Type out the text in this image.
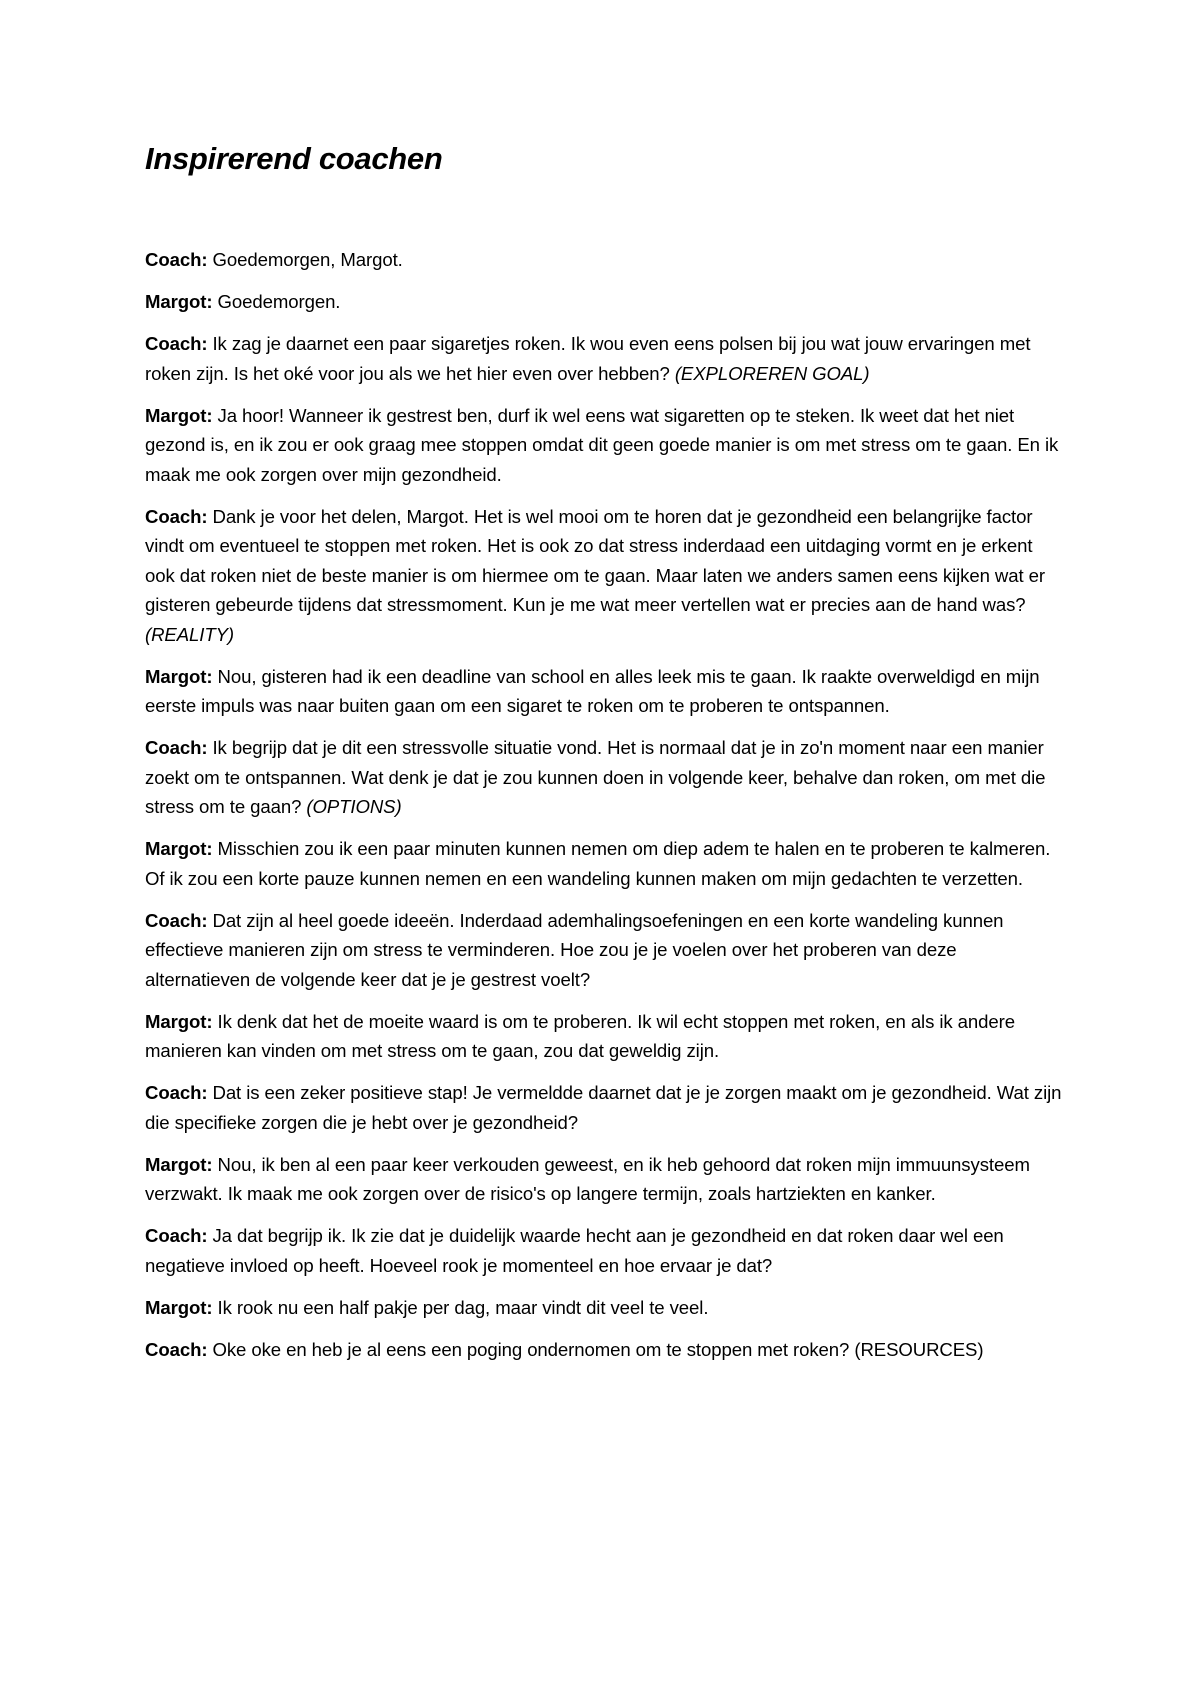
Inspirerend coachen

Coach: Goedemorgen, Margot.

Margot: Goedemorgen.

Coach: Ik zag je daarnet een paar sigaretjes roken. Ik wou even eens polsen bij jou wat jouw ervaringen met roken zijn. Is het oké voor jou als we het hier even over hebben? (EXPLOREREN GOAL)

Margot: Ja hoor! Wanneer ik gestrest ben, durf ik wel eens wat sigaretten op te steken. Ik weet dat het niet gezond is, en ik zou er ook graag mee stoppen omdat dit geen goede manier is om met stress om te gaan. En ik maak me ook zorgen over mijn gezondheid.

Coach: Dank je voor het delen, Margot. Het is wel mooi om te horen dat je gezondheid een belangrijke factor vindt om eventueel te stoppen met roken. Het is ook zo dat stress inderdaad een uitdaging vormt en je erkent ook dat roken niet de beste manier is om hiermee om te gaan. Maar laten we anders samen eens kijken wat er gisteren gebeurde tijdens dat stressmoment. Kun je me wat meer vertellen wat er precies aan de hand was? (REALITY)

Margot: Nou, gisteren had ik een deadline van school en alles leek mis te gaan. Ik raakte overweldigd en mijn eerste impuls was naar buiten gaan om een sigaret te roken om te proberen te ontspannen.

Coach: Ik begrijp dat je dit een stressvolle situatie vond. Het is normaal dat je in zo'n moment naar een manier zoekt om te ontspannen. Wat denk je dat je zou kunnen doen in volgende keer, behalve dan roken, om met die stress om te gaan? (OPTIONS)

Margot: Misschien zou ik een paar minuten kunnen nemen om diep adem te halen en te proberen te kalmeren. Of ik zou een korte pauze kunnen nemen en een wandeling kunnen maken om mijn gedachten te verzetten.

Coach: Dat zijn al heel goede ideeën. Inderdaad ademhalingsoefeningen en een korte wandeling kunnen effectieve manieren zijn om stress te verminderen. Hoe zou je je voelen over het proberen van deze alternatieven de volgende keer dat je je gestrest voelt?

Margot: Ik denk dat het de moeite waard is om te proberen. Ik wil echt stoppen met roken, en als ik andere manieren kan vinden om met stress om te gaan, zou dat geweldig zijn.

Coach: Dat is een zeker positieve stap! Je vermeldde daarnet dat je je zorgen maakt om je gezondheid. Wat zijn die specifieke zorgen die je hebt over je gezondheid?

Margot: Nou, ik ben al een paar keer verkouden geweest, en ik heb gehoord dat roken mijn immuunsysteem verzwakt. Ik maak me ook zorgen over de risico's op langere termijn, zoals hartziekten en kanker.

Coach: Ja dat begrijp ik. Ik zie dat je duidelijk waarde hecht aan je gezondheid en dat roken daar wel een negatieve invloed op heeft. Hoeveel rook je momenteel en hoe ervaar je dat?

Margot: Ik rook nu een half pakje per dag, maar vindt dit veel te veel.

Coach: Oke oke en heb je al eens een poging ondernomen om te stoppen met roken? (RESOURCES)
